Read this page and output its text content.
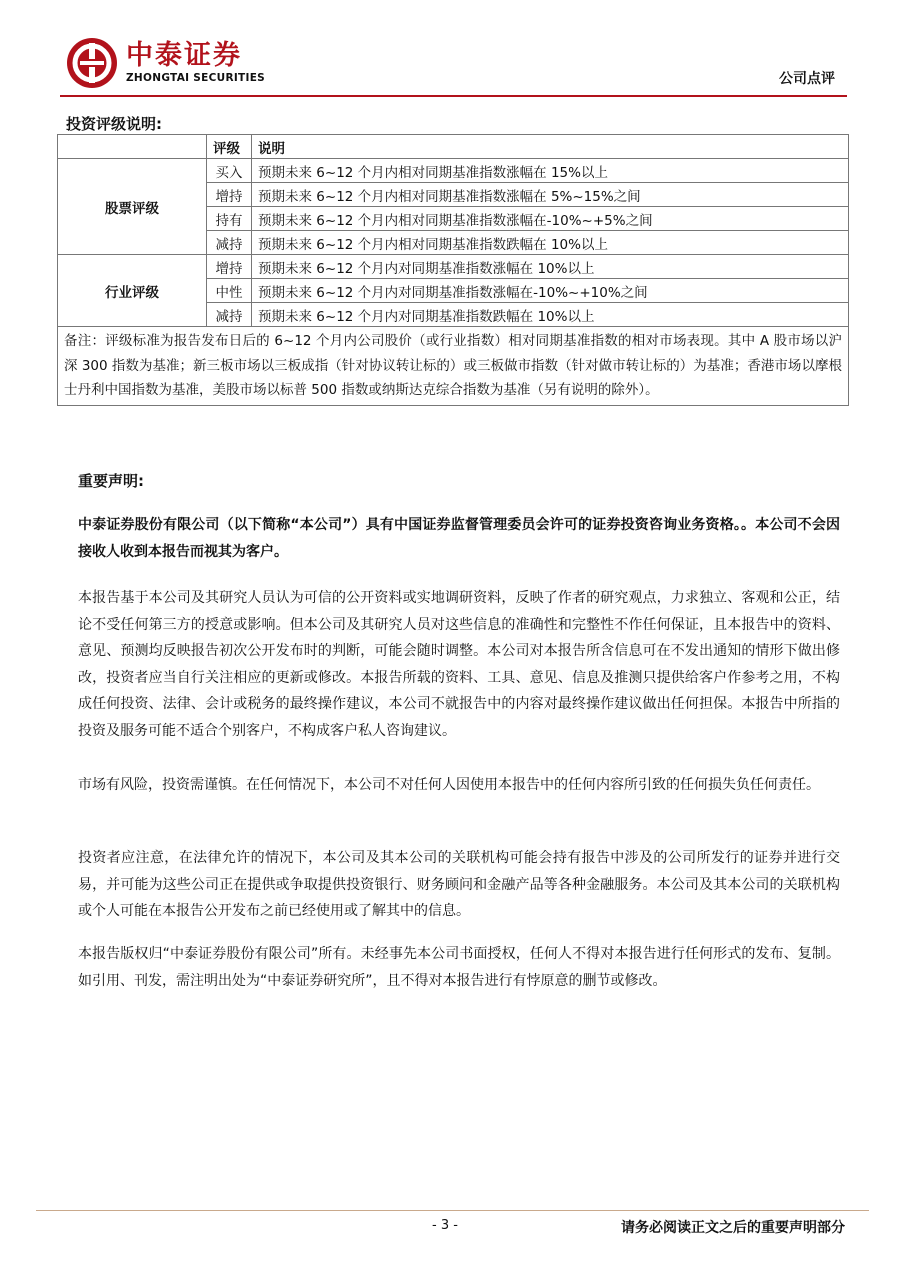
中泰证券
ZHONGTAI SECURITIES	公司点评
投资评级说明:
	评级	说明
股票评级	买入	预期未来 6~12 个月内相对同期基准指数涨幅在 15%以上
	增持	预期未来 6~12 个月内相对同期基准指数涨幅在 5%~15%之间
	持有	预期未来 6~12 个月内相对同期基准指数涨幅在-10%~+5%之间
	减持	预期未来 6~12 个月内相对同期基准指数跌幅在 10%以上
行业评级	增持	预期未来 6~12 个月内对同期基准指数涨幅在 10%以上
	中性	预期未来 6~12 个月内对同期基准指数涨幅在-10%~+10%之间
	减持	预期未来 6~12 个月内对同期基准指数跌幅在 10%以上
备注：评级标准为报告发布日后的 6~12 个月内公司股价（或行业指数）相对同期基准指数的相对市场表现。其中 A 股市场以沪深 300 指数为基准；新三板市场以三板成指（针对协议转让标的）或三板做市指数（针对做市转让标的）为基准；香港市场以摩根士丹利中国指数为基准，美股市场以标普 500 指数或纳斯达克综合指数为基准（另有说明的除外）。		
重要声明:

中泰证券股份有限公司（以下简称“本公司”）具有中国证券监督管理委员会许可的证券投资咨询业务资格。。本公司不会因接收人收到本报告而视其为客户。

本报告基于本公司及其研究人员认为可信的公开资料或实地调研资料，反映了作者的研究观点，力求独立、客观和公正，结论不受任何第三方的授意或影响。但本公司及其研究人员对这些信息的准确性和完整性不作任何保证，且本报告中的资料、意见、预测均反映报告初次公开发布时的判断，可能会随时调整。本公司对本报告所含信息可在不发出通知的情形下做出修改，投资者应当自行关注相应的更新或修改。本报告所载的资料、工具、意见、信息及推测只提供给客户作参考之用，不构成任何投资、法律、会计或税务的最终操作建议，本公司不就报告中的内容对最终操作建议做出任何担保。本报告中所指的投资及服务可能不适合个别客户，不构成客户私人咨询建议。

市场有风险，投资需谨慎。在任何情况下，本公司不对任何人因使用本报告中的任何内容所引致的任何损失负任何责任。

投资者应注意，在法律允许的情况下，本公司及其本公司的关联机构可能会持有报告中涉及的公司所发行的证券并进行交易，并可能为这些公司正在提供或争取提供投资银行、财务顾问和金融产品等各种金融服务。本公司及其本公司的关联机构或个人可能在本报告公开发布之前已经使用或了解其中的信息。

本报告版权归“中泰证券股份有限公司”所有。未经事先本公司书面授权，任何人不得对本报告进行任何形式的发布、复制。如引用、刊发，需注明出处为“中泰证券研究所”，且不得对本报告进行有悖原意的删节或修改。

- 3 -	请务必阅读正文之后的重要声明部分
